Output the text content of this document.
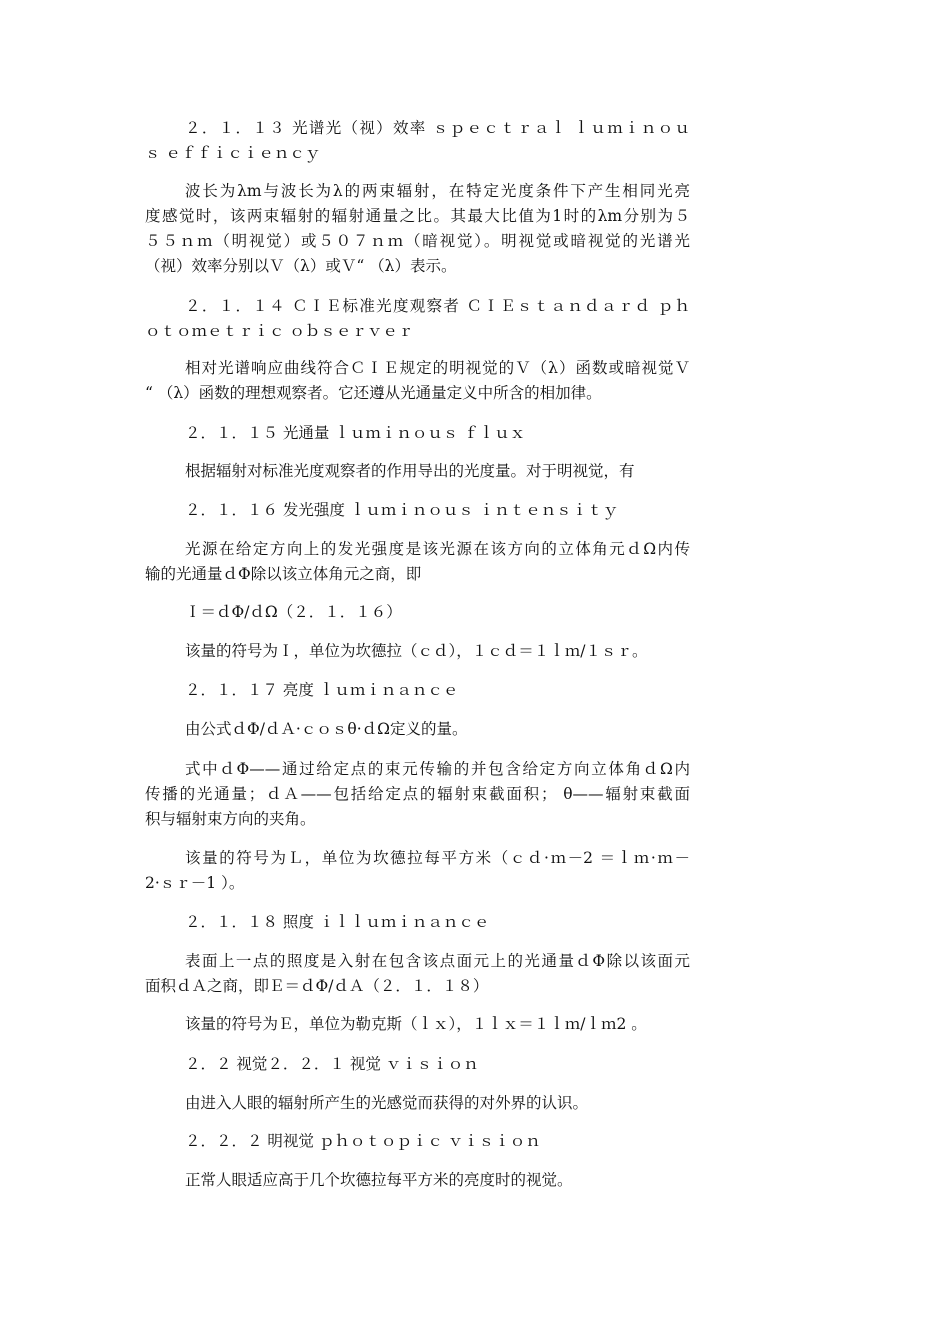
２．１．１３ 光谱光（视）效率 ｓｐｅｃｔｒａｌ ｌｕｍｉｎｏｕ
ｓ ｅｆｆｉｃｉｅｎｃｙ
波长为λm与波长为λ的两束辐射，在特定光度条件下产生相同光亮
度感觉时，该两束辐射的辐射通量之比。其最大比值为1时的λm分别为５
５５ｎｍ（明视觉）或５０７ｎｍ（暗视觉）。明视觉或暗视觉的光谱光
（视）效率分别以Ｖ（λ）或Ｖ“ （λ）表示。
２．１．１４ ＣＩＥ标准光度观察者 ＣＩＥｓｔａｎｄａｒｄ ｐｈ
ｏｔｏｍｅｔｒｉｃ ｏｂｓｅｒｖｅｒ
相对光谱响应曲线符合ＣＩＥ规定的明视觉的Ｖ（λ）函数或暗视觉Ｖ
“ （λ）函数的理想观察者。它还遵从光通量定义中所含的相加律。
２．１．１５ 光通量 ｌｕｍｉｎｏｕｓ ｆｌｕｘ
根据辐射对标准光度观察者的作用导出的光度量。对于明视觉，有
２．１．１６ 发光强度 ｌｕｍｉｎｏｕｓ ｉｎｔｅｎｓｉｔｙ
光源在给定方向上的发光强度是该光源在该方向的立体角元ｄΩ内传
输的光通量ｄΦ除以该立体角元之商，即
Ｉ＝ｄΦ/ｄΩ（２．１．１６）
该量的符号为Ｉ，单位为坎德拉（ｃｄ），１ｃｄ＝１ｌｍ/１ｓｒ。
２．１．１７ 亮度 ｌｕｍｉｎａｎｃｅ
由公式ｄΦ/ｄＡ·ｃｏｓθ·ｄΩ定义的量。
式中ｄΦ——通过给定点的束元传输的并包含给定方向立体角ｄΩ内
传播的光通量；ｄＡ——包括给定点的辐射束截面积； θ——辐射束截面
积与辐射束方向的夹角。
该量的符号为Ｌ，单位为坎德拉每平方米（ｃｄ·ｍ－2 ＝ｌｍ·ｍ－
2·ｓｒ－1 ）。
２．１．１８ 照度 ｉｌｌｕｍｉｎａｎｃｅ
表面上一点的照度是入射在包含该点面元上的光通量ｄΦ除以该面元
面积ｄＡ之商，即Ｅ＝ｄΦ/ｄＡ（２．１．１８）
该量的符号为Ｅ，单位为勒克斯（ｌｘ），１ｌｘ＝１ｌｍ/ｌｍ2 。
２．２ 视觉２．２．１ 视觉 ｖｉｓｉｏｎ
由进入人眼的辐射所产生的光感觉而获得的对外界的认识。
２．２．２ 明视觉 ｐｈｏｔｏｐｉｃ ｖｉｓｉｏｎ
正常人眼适应高于几个坎德拉每平方米的亮度时的视觉。
